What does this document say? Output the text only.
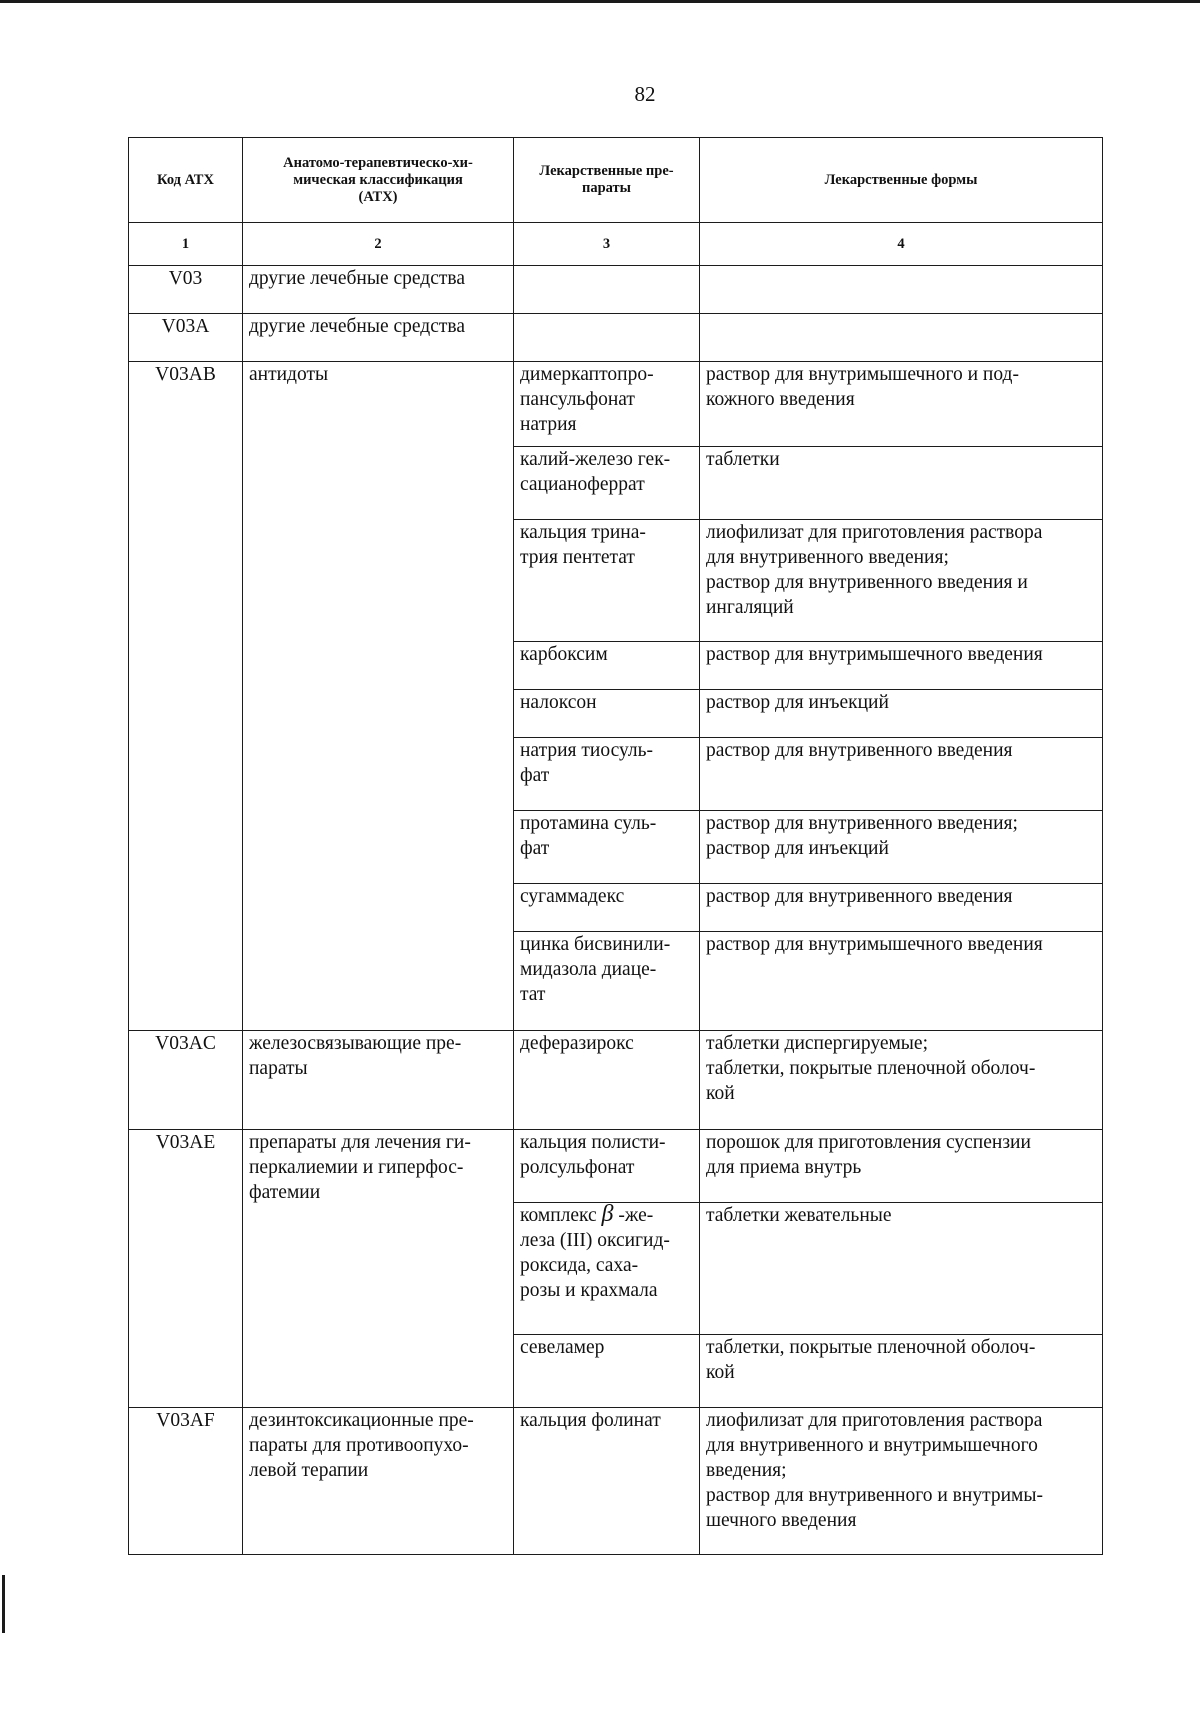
82
Код АТХ	Анатомо-терапевтическо-хи-
мическая классификация
(АТХ)	Лекарственные пре-
параты	Лекарственные формы

1	2	3	4
V03	другие лечебные средства		

V03A	другие лечебные средства		

V03AB	антидоты	димеркаптопро-
пансульфонат
натрия	раствор для внутримышечного и под-
кожного введения

		калий-железо гек-
сацианоферрат	таблетки

		кальция трина-
трия пентетат	лиофилизат для приготовления раствора
для внутривенного введения;
раствор для внутривенного введения и
ингаляций

		карбоксим	раствор для внутримышечного введения

		налоксон	раствор для инъекций

		натрия тиосуль-
фат	раствор для внутривенного введения

		протамина суль-
фат	раствор для внутривенного введения;
раствор для инъекций

		сугаммадекс	раствор для внутривенного введения

		цинка бисвинили-
мидазола диаце-
тат	раствор для внутримышечного введения

V03AC	железосвязывающие пре-
параты	деферазирокс	таблетки диспергируемые;
таблетки, покрытые пленочной оболоч-
кой

V03AE	препараты для лечения ги-
перкалиемии и гиперфос-
фатемии	кальция полисти-
ролсульфонат	порошок для приготовления суспензии
для приема внутрь

		комплекс β -же-
леза (III) оксигид-
роксида, саха-
розы и крахмала	таблетки жевательные

		севеламер	таблетки, покрытые пленочной оболоч-
кой

V03AF	дезинтоксикационные пре-
параты для противоопухо-
левой терапии	кальция фолинат	лиофилизат для приготовления раствора
для внутривенного и внутримышечного
введения;
раствор для внутривенного и внутримы-
шечного введения
